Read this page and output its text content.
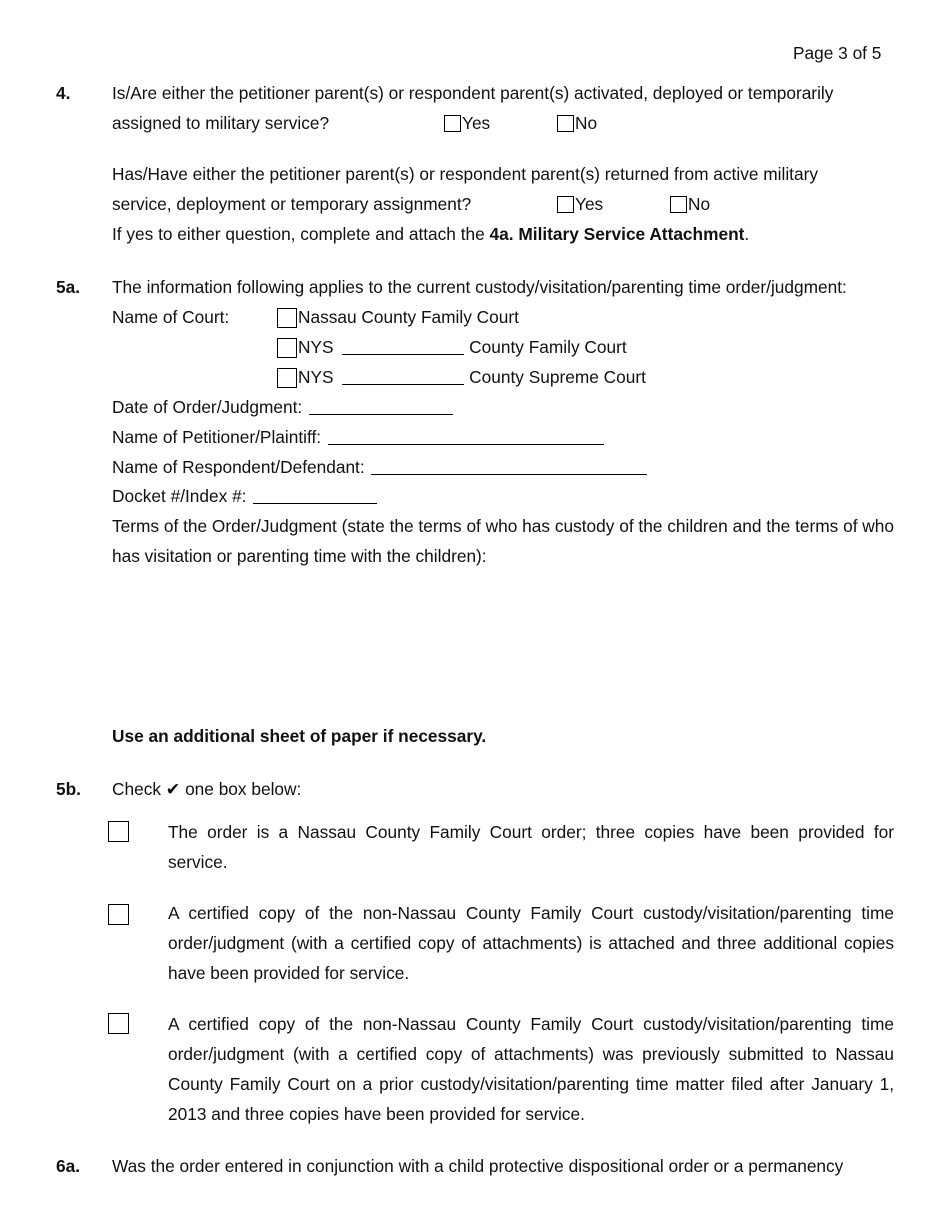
Page 3 of 5
4. Is/Are either the petitioner parent(s) or respondent parent(s) activated, deployed or temporarily
assigned to military service?	Yes	No
Has/Have either the petitioner parent(s) or respondent parent(s) returned from active military
service, deployment or temporary assignment?	Yes	No
If yes to either question, complete and attach the 4a. Military Service Attachment.
5a. The information following applies to the current custody/visitation/parenting time order/judgment:
Name of Court:	Nassau County Family Court
NYS	County Family Court
NYS	County Supreme Court
Date of Order/Judgment:
Name of Petitioner/Plaintiff:
Name of Respondent/Defendant:
Docket #/Index #:
Terms of the Order/Judgment (state the terms of who has custody of the children and the terms of who has visitation or parenting time with the children):
Use an additional sheet of paper if necessary.
5b. Check ✔ one box below:
The order is a Nassau County Family Court order; three copies have been provided for service.
A certified copy of the non-Nassau County Family Court custody/visitation/parenting time order/judgment (with a certified copy of attachments) is attached and three additional copies have been provided for service.
A certified copy of the non-Nassau County Family Court custody/visitation/parenting time order/judgment (with a certified copy of attachments) was previously submitted to Nassau County Family Court on a prior custody/visitation/parenting time matter filed after January 1, 2013 and three copies have been provided for service.
6a. Was the order entered in conjunction with a child protective dispositional order or a permanency
